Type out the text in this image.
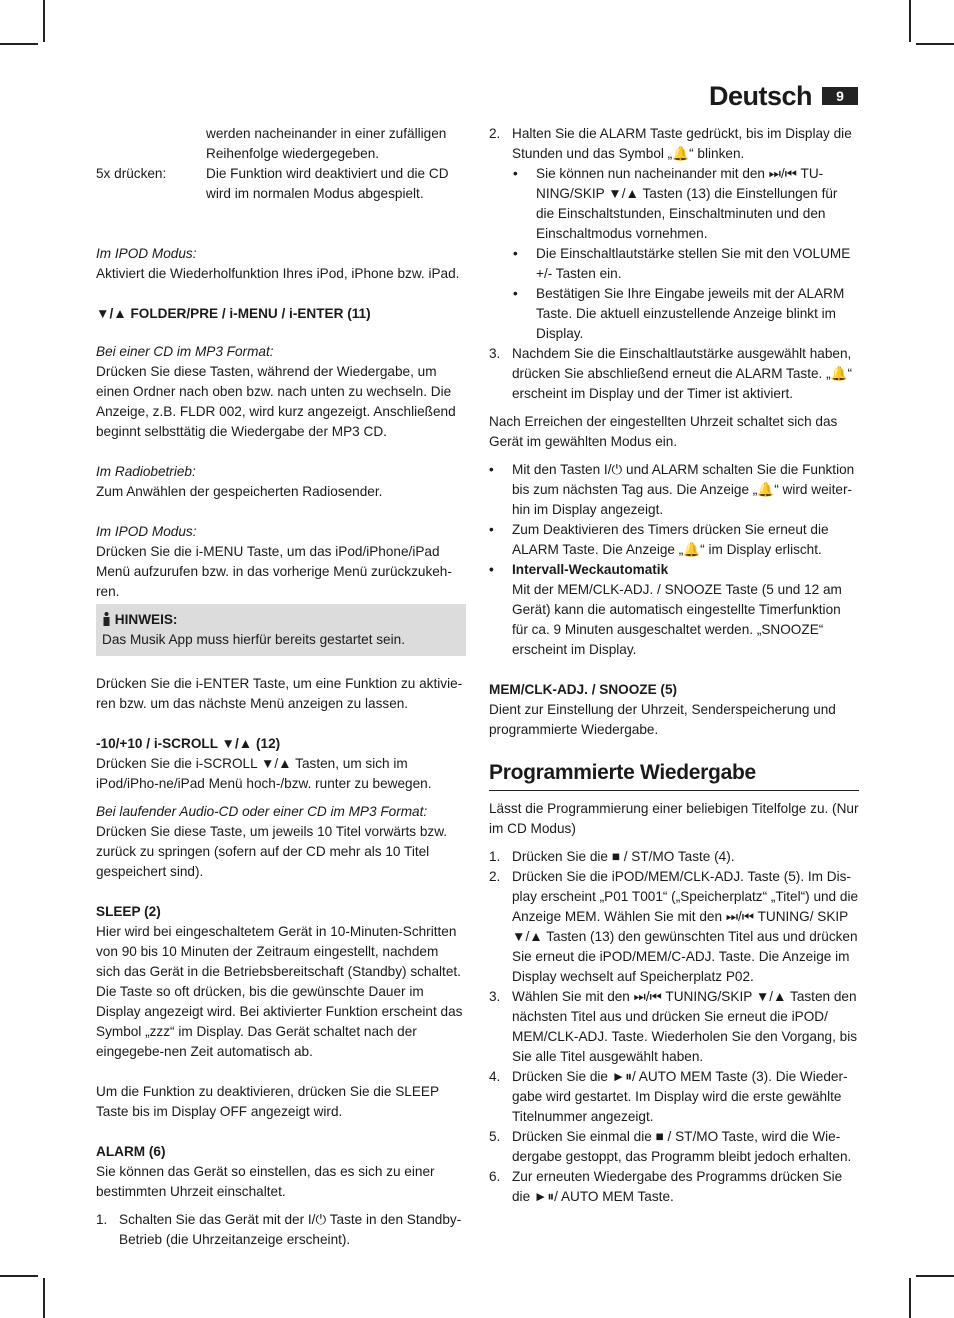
Deutsch	9
werden nacheinander in einer zufälligen
Reihenfolge wiedergegeben.
5x drücken:	Die Funktion wird deaktiviert und die CD wird im normalen Modus abgespielt.

Im IPOD Modus:

Aktiviert die Wiederholfunktion Ihres iPod, iPhone bzw. iPad.

▼/▲ FOLDER/PRE / i-MENU / i-ENTER (11)

Bei einer CD im MP3 Format:

Drücken Sie diese Tasten, während der Wiedergabe, um einen Ordner nach oben bzw. nach unten zu wechseln. Die Anzeige, z.B. FLDR 002, wird kurz angezeigt. Anschließend beginnt selbsttätig die Wiedergabe der MP3 CD.

Im Radiobetrieb:

Zum Anwählen der gespeicherten Radiosender.

Im IPOD Modus:

Drücken Sie die i-MENU Taste, um das iPod/iPhone/iPad Menü aufzurufen bzw. in das vorherige Menü zurückzukeh-ren.

HINWEIS:

Das Musik App muss hierfür bereits gestartet sein.

Drücken Sie die i-ENTER Taste, um eine Funktion zu aktivie-ren bzw. um das nächste Menü anzeigen zu lassen.

-10/+10 / i-SCROLL ▼/▲ (12)

Drücken Sie die i-SCROLL ▼/▲ Tasten, um sich im iPod/iPho-ne/iPad Menü hoch-/bzw. runter zu bewegen.

Bei laufender Audio-CD oder einer CD im MP3 Format:

Drücken Sie diese Taste, um jeweils 10 Titel vorwärts bzw. zurück zu springen (sofern auf der CD mehr als 10 Titel gespeichert sind).

SLEEP (2)

Hier wird bei eingeschaltetem Gerät in 10-Minuten-Schritten von 90 bis 10 Minuten der Zeitraum eingestellt, nachdem sich das Gerät in die Betriebsbereitschaft (Standby) schaltet. Die Taste so oft drücken, bis die gewünschte Dauer im Display angezeigt wird. Bei aktivierter Funktion erscheint das Symbol „zzz“ im Display. Das Gerät schaltet nach der eingegebe-nen Zeit automatisch ab.

Um die Funktion zu deaktivieren, drücken Sie die SLEEP Taste bis im Display OFF angezeigt wird.

ALARM (6)

Sie können das Gerät so einstellen, das es sich zu einer bestimmten Uhrzeit einschaltet.

1. Schalten Sie das Gerät mit der I/⏻ Taste in den Standby-Betrieb (die Uhrzeitanzeige erscheint).
2. Halten Sie die ALARM Taste gedrückt, bis im Display die Stunden und das Symbol „🔔“ blinken.
•	Sie können nun nacheinander mit den ⏭/⏮ TU-NING/SKIP ▼/▲ Tasten (13) die Einstellungen für die Einschaltstunden, Einschaltminuten und den Einschaltmodus vornehmen.
•	Die Einschaltlautstärke stellen Sie mit den VOLUME +/- Tasten ein.
•	Bestätigen Sie Ihre Eingabe jeweils mit der ALARM Taste. Die aktuell einzustellende Anzeige blinkt im Display.
3. Nachdem Sie die Einschaltlautstärke ausgewählt haben, drücken Sie abschließend erneut die ALARM Taste. „🔔“ erscheint im Display und der Timer ist aktiviert.

Nach Erreichen der eingestellten Uhrzeit schaltet sich das Gerät im gewählten Modus ein.

•	Mit den Tasten I/⏻ und ALARM schalten Sie die Funktion bis zum nächsten Tag aus. Die Anzeige „🔔“ wird weiter-hin im Display angezeigt.
•	Zum Deaktivieren des Timers drücken Sie erneut die ALARM Taste. Die Anzeige „🔔“ im Display erlischt.
•	Intervall-Weckautomatik
Mit der MEM/CLK-ADJ. / SNOOZE Taste (5 und 12 am Gerät) kann die automatisch eingestellte Timerfunktion für ca. 9 Minuten ausgeschaltet werden. „SNOOZE“ erscheint im Display.

MEM/CLK-ADJ. / SNOOZE (5)

Dient zur Einstellung der Uhrzeit, Senderspeicherung und programmierte Wiedergabe.

Programmierte Wiedergabe

Lässt die Programmierung einer beliebigen Titelfolge zu. (Nur im CD Modus)

1. Drücken Sie die ■ / ST/MO Taste (4).
2. Drücken Sie die iPOD/MEM/CLK-ADJ. Taste (5). Im Dis-play erscheint „P01 T001“ („Speicherplatz“ „Titel“) und die Anzeige MEM. Wählen Sie mit den ⏭/⏮ TUNING/ SKIP ▼/▲ Tasten (13) den gewünschten Titel aus und drücken Sie erneut die iPOD/MEM/C-ADJ. Taste. Die Anzeige im Display wechselt auf Speicherplatz P02.
3. Wählen Sie mit den ⏭/⏮ TUNING/SKIP ▼/▲ Tasten den nächsten Titel aus und drücken Sie erneut die iPOD/ MEM/CLK-ADJ. Taste. Wiederholen Sie den Vorgang, bis Sie alle Titel ausgewählt haben.
4. Drücken Sie die ►⏸/ AUTO MEM Taste (3). Die Wieder-gabe wird gestartet. Im Display wird die erste gewählte Titelnummer angezeigt.
5. Drücken Sie einmal die ■ / ST/MO Taste, wird die Wie-dergabe gestoppt, das Programm bleibt jedoch erhalten.
6. Zur erneuten Wiedergabe des Programms drücken Sie die ►⏸/ AUTO MEM Taste.
